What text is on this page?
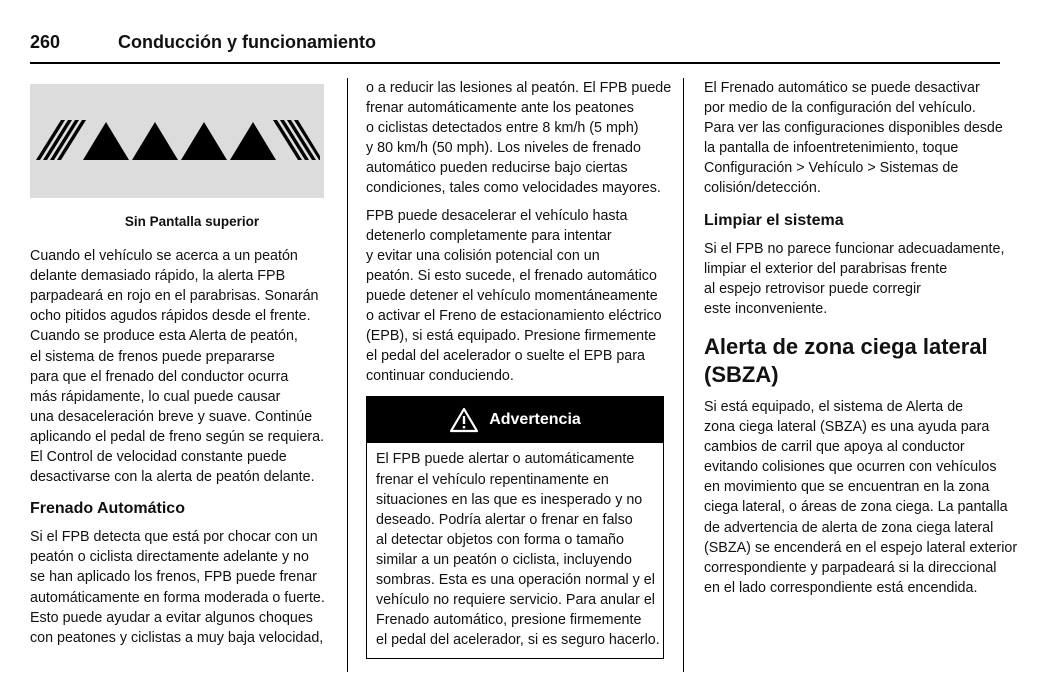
260	Conducción y funcionamiento
Sin Pantalla superior
Cuando el vehículo se acerca a un peatón
delante demasiado rápido, la alerta FPB
parpadeará en rojo en el parabrisas. Sonarán
ocho pitidos agudos rápidos desde el frente.
Cuando se produce esta Alerta de peatón,
el sistema de frenos puede prepararse
para que el frenado del conductor ocurra
más rápidamente, lo cual puede causar
una desaceleración breve y suave. Continúe
aplicando el pedal de freno según se requiera.
El Control de velocidad constante puede
desactivarse con la alerta de peatón delante.
Frenado Automático
Si el FPB detecta que está por chocar con un
peatón o ciclista directamente adelante y no
se han aplicado los frenos, FPB puede frenar
automáticamente en forma moderada o fuerte.
Esto puede ayudar a evitar algunos choques
con peatones y ciclistas a muy baja velocidad,
o a reducir las lesiones al peatón. El FPB puede
frenar automáticamente ante los peatones
o ciclistas detectados entre 8 km/h (5 mph)
y 80 km/h (50 mph). Los niveles de frenado
automático pueden reducirse bajo ciertas
condiciones, tales como velocidades mayores.
FPB puede desacelerar el vehículo hasta
detenerlo completamente para intentar
y evitar una colisión potencial con un
peatón. Si esto sucede, el frenado automático
puede detener el vehículo momentáneamente
o activar el Freno de estacionamiento eléctrico
(EPB), si está equipado. Presione firmemente
el pedal del acelerador o suelte el EPB para
continuar conduciendo.
Advertencia
El FPB puede alertar o automáticamente
frenar el vehículo repentinamente en
situaciones en las que es inesperado y no
deseado. Podría alertar o frenar en falso
al detectar objetos con forma o tamaño
similar a un peatón o ciclista, incluyendo
sombras. Esta es una operación normal y el
vehículo no requiere servicio. Para anular el
Frenado automático, presione firmemente
el pedal del acelerador, si es seguro hacerlo.
El Frenado automático se puede desactivar
por medio de la configuración del vehículo.
Para ver las configuraciones disponibles desde
la pantalla de infoentretenimiento, toque
Configuración > Vehículo > Sistemas de
colisión/detección.
Limpiar el sistema
Si el FPB no parece funcionar adecuadamente,
limpiar el exterior del parabrisas frente
al espejo retrovisor puede corregir
este inconveniente.
Alerta de zona ciega lateral (SBZA)
Si está equipado, el sistema de Alerta de
zona ciega lateral (SBZA) es una ayuda para
cambios de carril que apoya al conductor
evitando colisiones que ocurren con vehículos
en movimiento que se encuentran en la zona
ciega lateral, o áreas de zona ciega. La pantalla
de advertencia de alerta de zona ciega lateral
(SBZA) se encenderá en el espejo lateral exterior
correspondiente y parpadeará si la direccional
en el lado correspondiente está encendida.
